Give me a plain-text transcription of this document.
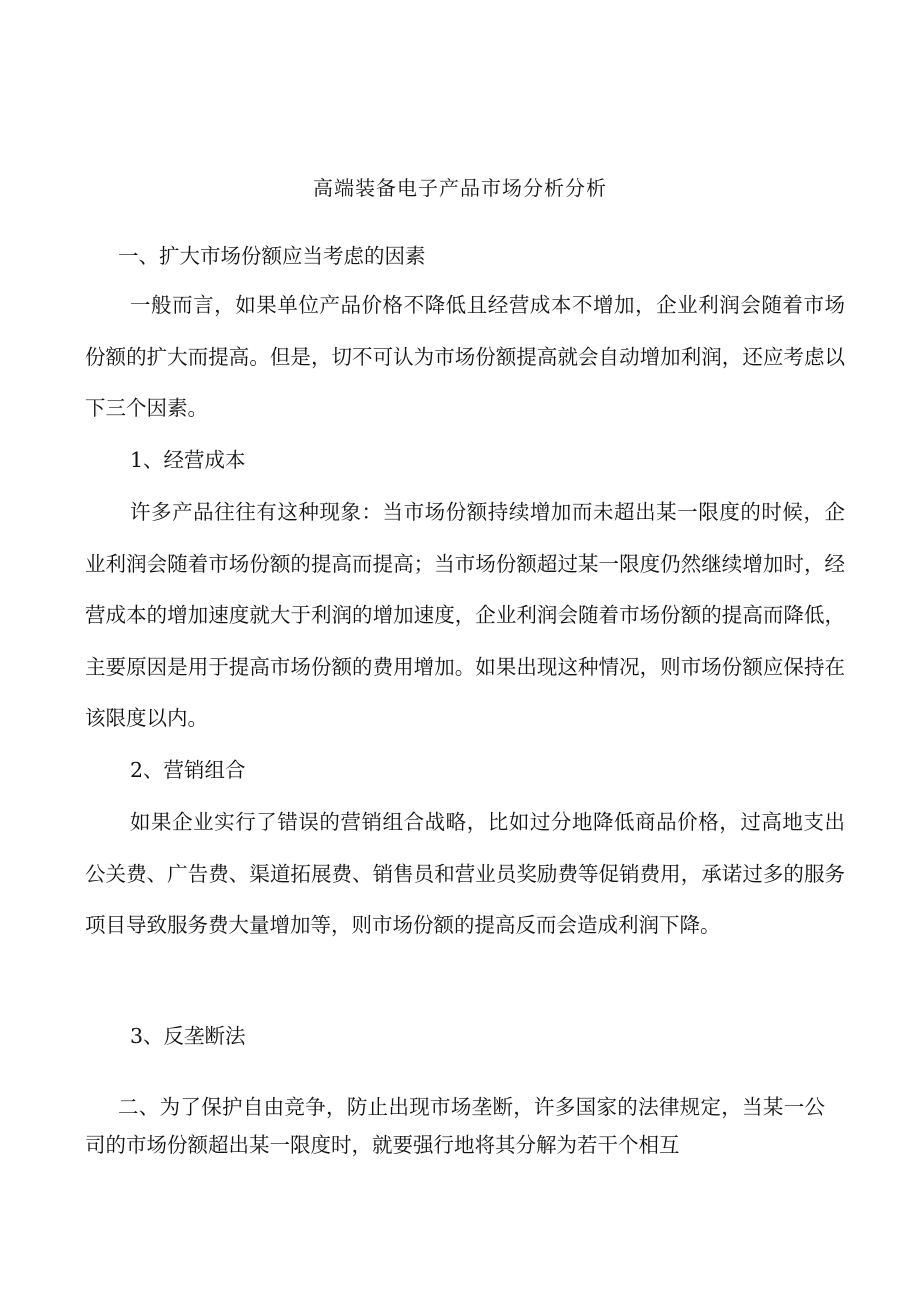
高端装备电子产品市场分析分析
一、扩大市场份额应当考虑的因素

一般而言，如果单位产品价格不降低且经营成本不增加，企业利润会随着市场份额的扩大而提高。但是，切不可认为市场份额提高就会自动增加利润，还应考虑以下三个因素。

1、经营成本

许多产品往往有这种现象：当市场份额持续增加而未超出某一限度的时候，企业利润会随着市场份额的提高而提高；当市场份额超过某一限度仍然继续增加时，经营成本的增加速度就大于利润的增加速度，企业利润会随着市场份额的提高而降低，主要原因是用于提高市场份额的费用增加。如果出现这种情况，则市场份额应保持在该限度以内。

2、营销组合

如果企业实行了错误的营销组合战略，比如过分地降低商品价格，过高地支出公关费、广告费、渠道拓展费、销售员和营业员奖励费等促销费用，承诺过多的服务项目导致服务费大量增加等，则市场份额的提高反而会造成利润下降。

3、反垄断法

二、为了保护自由竞争，防止出现市场垄断，许多国家的法律规定，当某一公司的市场份额超出某一限度时，就要强行地将其分解为若干个相互
